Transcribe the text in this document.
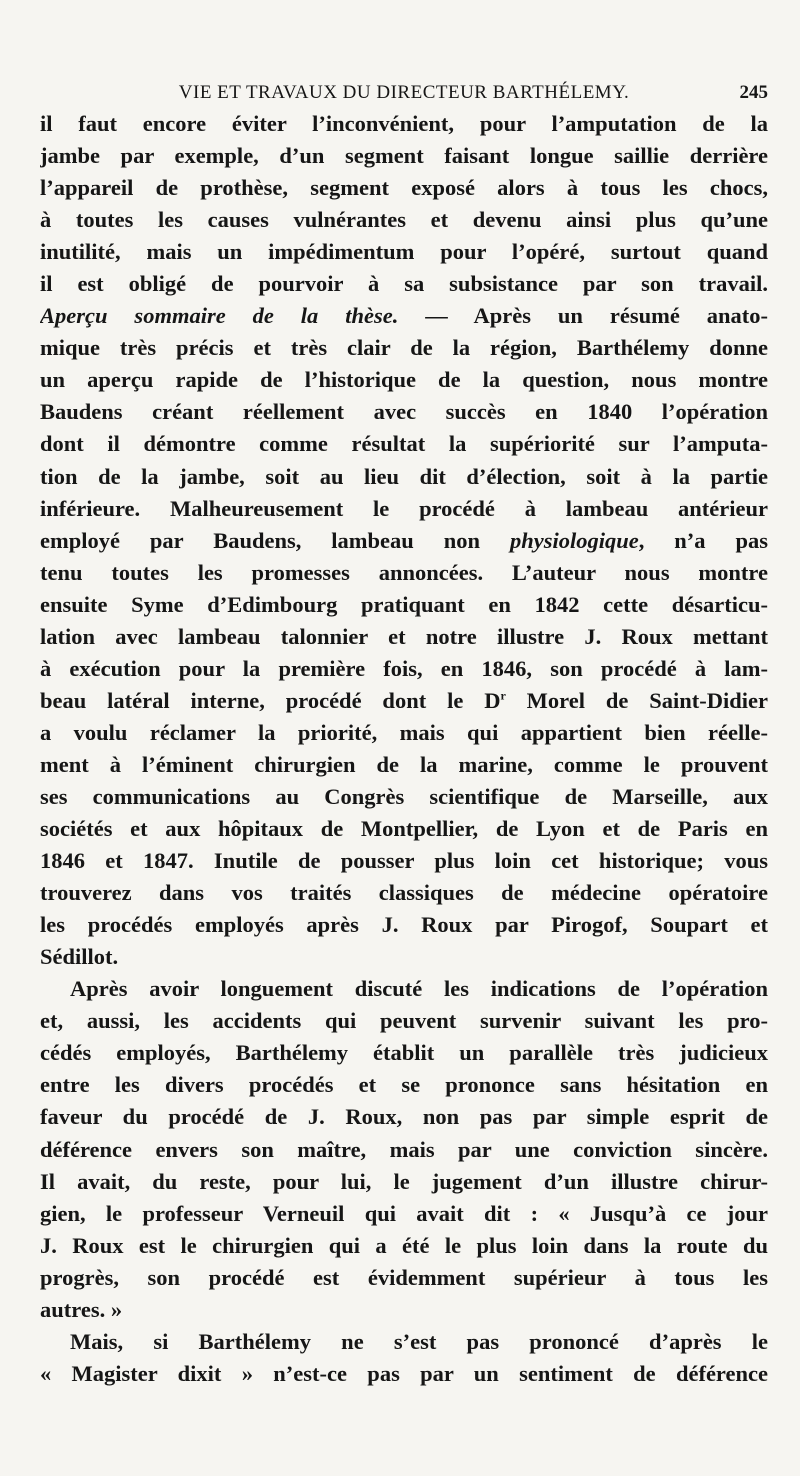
VIE ET TRAVAUX DU DIRECTEUR BARTHÉLEMY.	245
il faut encore éviter l’inconvénient, pour l’amputation de la
jambe par exemple, d’un segment faisant longue saillie derrière
l’appareil de prothèse, segment exposé alors à tous les chocs,
à toutes les causes vulnérantes et devenu ainsi plus qu’une
inutilité, mais un impédimentum pour l’opéré, surtout quand
il est obligé de pourvoir à sa subsistance par son travail.
Aperçu sommaire de la thèse. — Après un résumé anato-
mique très précis et très clair de la région, Barthélemy donne
un aperçu rapide de l’historique de la question, nous montre
Baudens créant réellement avec succès en 1840 l’opération
dont il démontre comme résultat la supériorité sur l’amputa-
tion de la jambe, soit au lieu dit d’élection, soit à la partie
inférieure. Malheureusement le procédé à lambeau antérieur
employé par Baudens, lambeau non physiologique, n’a pas
tenu toutes les promesses annoncées. L’auteur nous montre
ensuite Syme d’Edimbourg pratiquant en 1842 cette désarticu-
lation avec lambeau talonnier et notre illustre J. Roux mettant
à exécution pour la première fois, en 1846, son procédé à lam-
beau latéral interne, procédé dont le $D^r$ Morel de Saint-Didier
a voulu réclamer la priorité, mais qui appartient bien réelle-
ment à l’éminent chirurgien de la marine, comme le prouvent
ses communications au Congrès scientifique de Marseille, aux
sociétés et aux hôpitaux de Montpellier, de Lyon et de Paris en
1846 et 1847. Inutile de pousser plus loin cet historique; vous
trouverez dans vos traités classiques de médecine opératoire
les procédés employés après J. Roux par Pirogof, Soupart et
Sédillot.
Après avoir longuement discuté les indications de l’opération
et, aussi, les accidents qui peuvent survenir suivant les pro-
cédés employés, Barthélemy établit un parallèle très judicieux
entre les divers procédés et se prononce sans hésitation en
faveur du procédé de J. Roux, non pas par simple esprit de
déférence envers son maître, mais par une conviction sincère.
Il avait, du reste, pour lui, le jugement d’un illustre chirur-
gien, le professeur Verneuil qui avait dit : « Jusqu’à ce jour
J. Roux est le chirurgien qui a été le plus loin dans la route du
progrès, son procédé est évidemment supérieur à tous les
autres. »
Mais, si Barthélemy ne s’est pas prononcé d’après le
« Magister dixit » n’est-ce pas par un sentiment de déférence
